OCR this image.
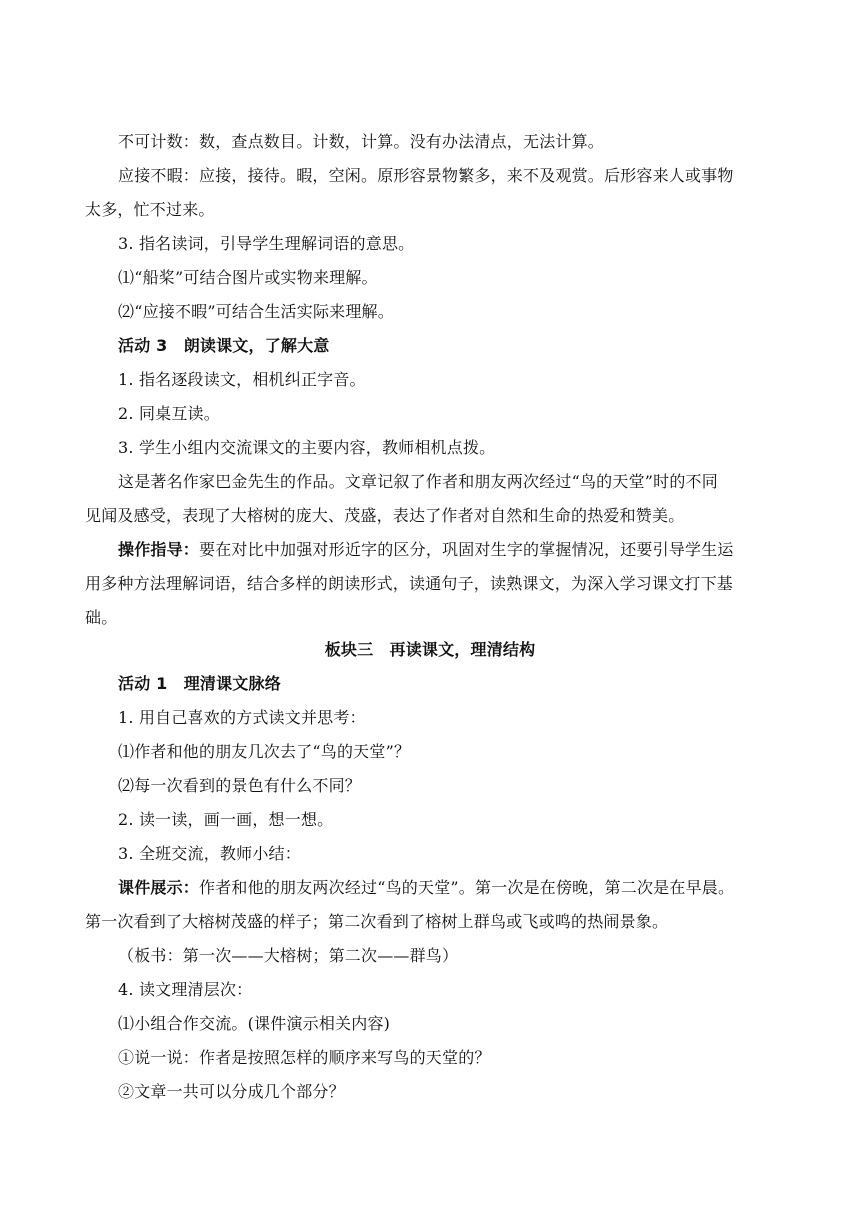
不可计数：数，查点数目。计数，计算。没有办法清点，无法计算。
应接不暇：应接，接待。暇，空闲。原形容景物繁多，来不及观赏。后形容来人或事物
太多，忙不过来。
3. 指名读词，引导学生理解词语的意思。
⑴“船桨”可结合图片或实物来理解。
⑵“应接不暇”可结合生活实际来理解。
活动 3　朗读课文，了解大意
1. 指名逐段读文，相机纠正字音。
2. 同桌互读。
3. 学生小组内交流课文的主要内容，教师相机点拨。
这是著名作家巴金先生的作品。文章记叙了作者和朋友两次经过“鸟的天堂”时的不同
见闻及感受，表现了大榕树的庞大、茂盛，表达了作者对自然和生命的热爱和赞美。
操作指导：要在对比中加强对形近字的区分，巩固对生字的掌握情况，还要引导学生运
用多种方法理解词语，结合多样的朗读形式，读通句子，读熟课文，为深入学习课文打下基
础。
板块三　再读课文，理清结构
活动 1　理清课文脉络
1. 用自己喜欢的方式读文并思考：
⑴作者和他的朋友几次去了“鸟的天堂”？
⑵每一次看到的景色有什么不同？
2. 读一读，画一画，想一想。
3. 全班交流，教师小结：
课件展示：作者和他的朋友两次经过“鸟的天堂”。第一次是在傍晚，第二次是在早晨。
第一次看到了大榕树茂盛的样子；第二次看到了榕树上群鸟或飞或鸣的热闹景象。
（板书：第一次——大榕树；第二次——群鸟）
4. 读文理清层次：
⑴小组合作交流。(课件演示相关内容)
①说一说：作者是按照怎样的顺序来写鸟的天堂的？
②文章一共可以分成几个部分？
